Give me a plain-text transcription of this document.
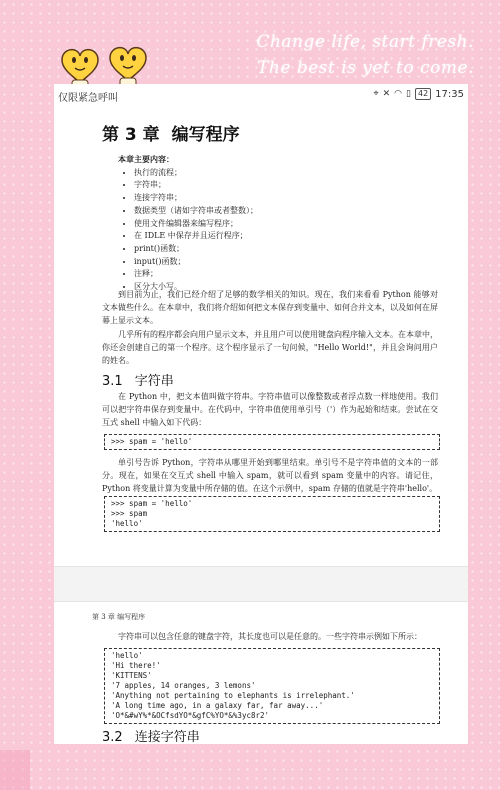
Change life, start fresh.
The best is yet to come.
仅限紧急呼叫	⌖ ✕ ◠ ▯ 42 17:35
第 3 章 编写程序
本章主要内容：
• 执行的流程；
• 字符串；
• 连接字符串；
• 数据类型（诸如字符串或者整数）；
• 使用文件编辑器来编写程序；
• 在 IDLE 中保存并且运行程序；
• print()函数；
• input()函数；
• 注释；
• 区分大小写。
到目前为止，我们已经介绍了足够的数学相关的知识。现在，我们来看看 Python 能够对文本做些什么。在本章中，我们将介绍如何把文本保存到变量中、如何合并文本，以及如何在屏幕上显示文本。
几乎所有的程序都会向用户显示文本，并且用户可以使用键盘向程序输入文本。在本章中，你还会创建自己的第一个程序。这个程序显示了一句问候，"Hello World!"，并且会询问用户的姓名。
3.1 字符串
在 Python 中，把文本值叫做字符串。字符串值可以像整数或者浮点数一样地使用。我们可以把字符串保存到变量中。在代码中，字符串值使用单引号（'）作为起始和结束。尝试在交互式 shell 中输入如下代码：
>>> spam = 'hello'
单引号告诉 Python，字符串从哪里开始到哪里结束。单引号不是字符串值的文本的一部分。现在，如果在交互式 shell 中输入 spam，就可以看到 spam 变量中的内容。请记住，Python 将变量计算为变量中所存储的值。在这个示例中，spam 存储的值就是字符串'hello'。
>>> spam = 'hello'
>>> spam
'hello'
第 3 章 编写程序
字符串可以包含任意的键盘字符，其长度也可以是任意的。一些字符串示例如下所示：
'hello'
'Hi there!'
'KITTENS'
'7 apples, 14 oranges, 3 lemons'
'Anything not pertaining to elephants is irrelephant.'
'A long time ago, in a galaxy far, far away...'
'O*&#wY%*&OCfsdYO*&gfC%YO*&%3yc8r2'
3.2 连接字符串
